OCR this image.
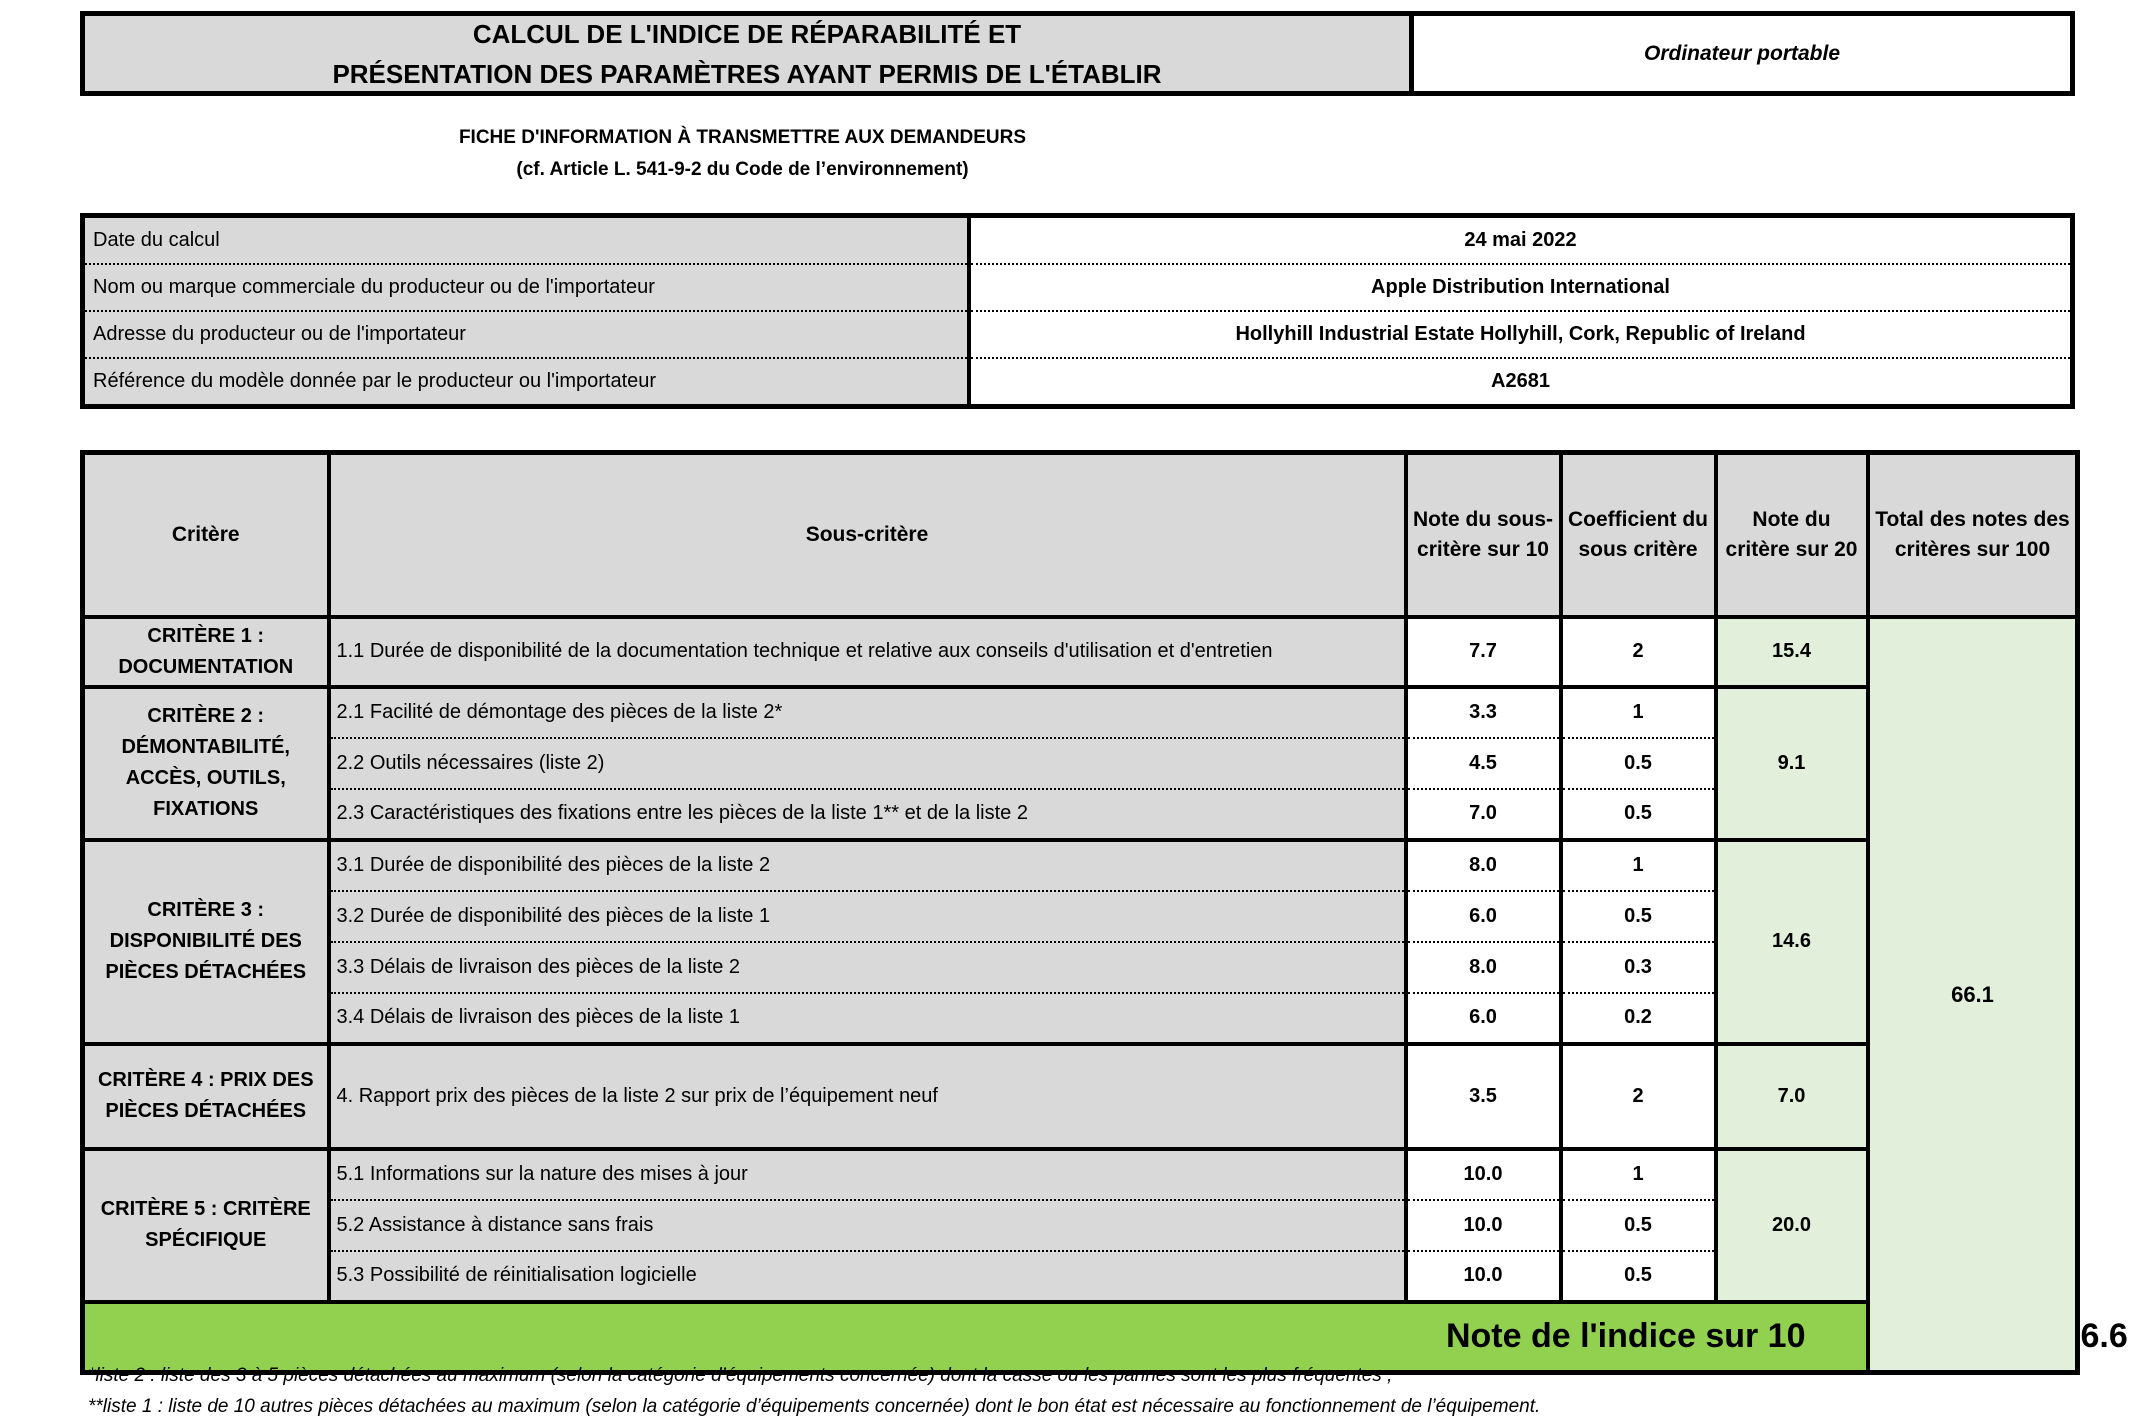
CALCUL DE L'INDICE DE RÉPARABILITÉ ET
PRÉSENTATION DES PARAMÈTRES AYANT PERMIS DE L'ÉTABLIR
Ordinateur portable
FICHE D'INFORMATION À TRANSMETTRE AUX DEMANDEURS
(cf. Article L. 541-9-2 du Code de l’environnement)
Date du calcul	24 mai 2022
Nom ou marque commerciale du producteur ou de l'importateur	Apple Distribution International
Adresse du producteur ou de l'importateur	Hollyhill Industrial Estate Hollyhill, Cork, Republic of Ireland
Référence du modèle donnée par le producteur ou l'importateur	A2681
Critère	Sous-critère	Note du sous-critère sur 10	Coefficient du sous critère	Note du critère sur 20	Total des notes des critères sur 100	
CRITÈRE 1 : DOCUMENTATION	1.1 Durée de disponibilité de la documentation technique et relative aux conseils d'utilisation et d'entretien	7.7	2	15.4	66.1	
CRITÈRE 2 : DÉMONTABILITÉ, ACCÈS, OUTILS, FIXATIONS	2.1 Facilité de démontage des pièces de la liste 2*	3.3	1	9.1		
	2.2 Outils nécessaires (liste 2)	4.5	0.5			
	2.3 Caractéristiques des fixations entre les pièces de la liste 1** et de la liste 2	7.0	0.5			
CRITÈRE 3 : DISPONIBILITÉ DES PIÈCES DÉTACHÉES	3.1 Durée de disponibilité des pièces de la liste 2	8.0	1	14.6		
	3.2 Durée de disponibilité des pièces de la liste 1	6.0	0.5			
	3.3 Délais de livraison des pièces de la liste 2	8.0	0.3			
	3.4 Délais de livraison des pièces de la liste 1	6.0	0.2			
CRITÈRE 4 : PRIX DES PIÈCES DÉTACHÉES	4. Rapport prix des pièces de la liste 2 sur prix de l’équipement neuf	3.5	2	7.0		
CRITÈRE 5 : CRITÈRE SPÉCIFIQUE	5.1 Informations sur la nature des mises à jour	10.0	1	20.0		
	5.2 Assistance à distance sans frais	10.0	0.5			
	5.3 Possibilité de réinitialisation logicielle	10.0	0.5			
Note de l'indice sur 10						6.6
*liste 2 : liste des 3 à 5 pièces détachées au maximum (selon la catégorie d’équipements concernée) dont la casse ou les pannes sont les plus fréquentes ;
**liste 1 : liste de 10 autres pièces détachées au maximum (selon la catégorie d’équipements concernée) dont le bon état est nécessaire au fonctionnement de l’équipement.
